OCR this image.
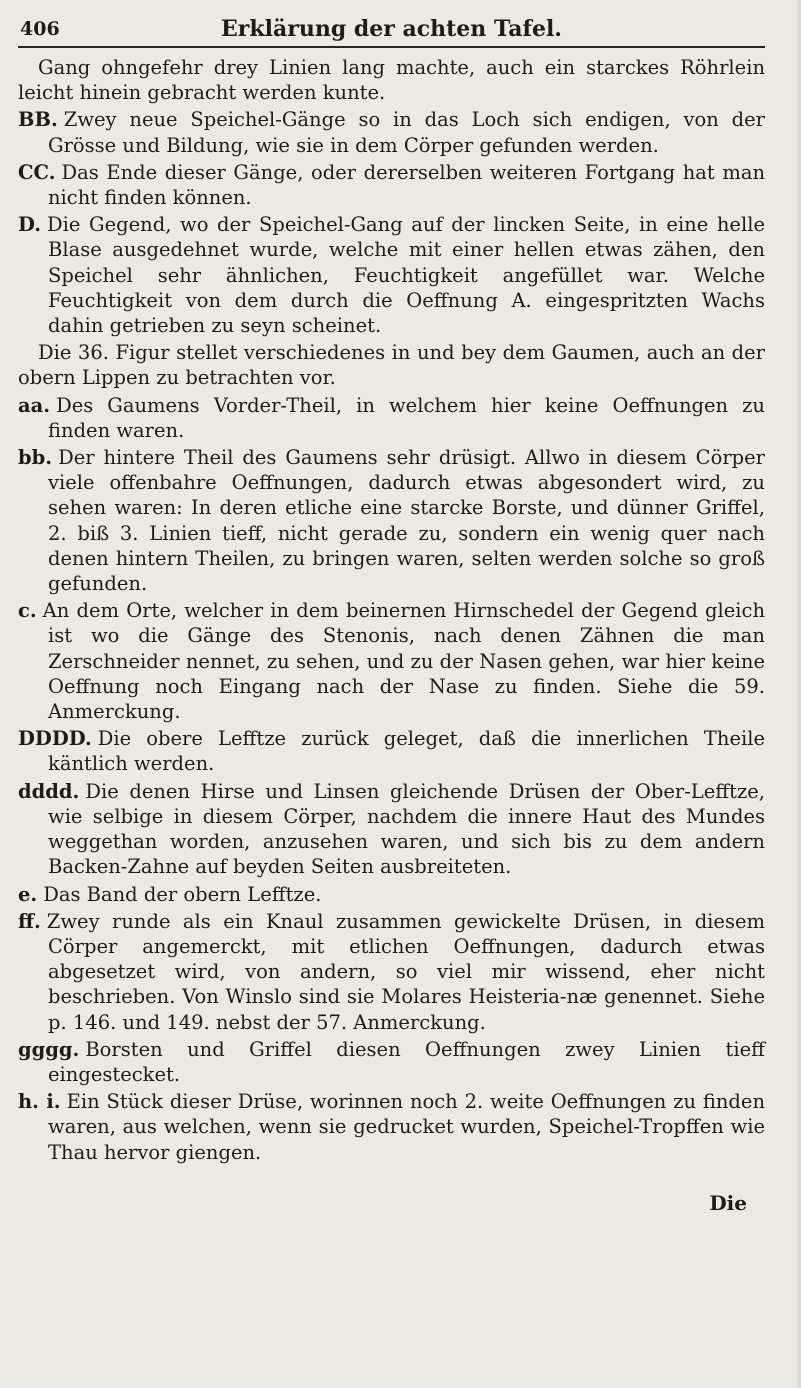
406	Erklärung der achten Tafel.

Gang ohngefehr drey Linien lang machte, auch ein starckes Röhrlein leicht hinein gebracht werden kunte.

BB. Zwey neue Speichel-Gänge so in das Loch sich endigen, von der Grösse und Bildung, wie sie in dem Cörper gefunden werden.

CC. Das Ende dieser Gänge, oder dererselben weiteren Fortgang hat man nicht finden können.

D. Die Gegend, wo der Speichel-Gang auf der lincken Seite, in eine helle Blase ausgedehnet wurde, welche mit einer hellen etwas zähen, den Speichel sehr ähnlichen, Feuchtigkeit angefüllet war. Welche Feuchtigkeit von dem durch die Oeffnung A. eingespritzten Wachs dahin getrieben zu seyn scheinet.

Die 36. Figur stellet verschiedenes in und bey dem Gaumen, auch an der obern Lippen zu betrachten vor.

aa. Des Gaumens Vorder-Theil, in welchem hier keine Oeffnungen zu finden waren.

bb. Der hintere Theil des Gaumens sehr drüsigt. Allwo in diesem Cörper viele offenbahre Oeffnungen, dadurch etwas abgesondert wird, zu sehen waren: In deren etliche eine starcke Borste, und dünner Griffel, 2. biß 3. Linien tieff, nicht gerade zu, sondern ein wenig quer nach denen hintern Theilen, zu bringen waren, selten werden solche so groß gefunden.

c. An dem Orte, welcher in dem beinernen Hirnschedel der Gegend gleich ist wo die Gänge des Stenonis, nach denen Zähnen die man Zerschneider nennet, zu sehen, und zu der Nasen gehen, war hier keine Oeffnung noch Eingang nach der Nase zu finden. Siehe die 59. Anmerckung.

DDDD. Die obere Lefftze zurück geleget, daß die innerlichen Theile käntlich werden.

dddd. Die denen Hirse und Linsen gleichende Drüsen der Ober-Lefftze, wie selbige in diesem Cörper, nachdem die innere Haut des Mundes weggethan worden, anzusehen waren, und sich bis zu dem andern Backen-Zahne auf beyden Seiten ausbreiteten.

e. Das Band der obern Lefftze.

ff. Zwey runde als ein Knaul zusammen gewickelte Drüsen, in diesem Cörper angemerckt, mit etlichen Oeffnungen, dadurch etwas abgesetzet wird, von andern, so viel mir wissend, eher nicht beschrieben. Von Winslo sind sie Molares Heisteria-næ genennet. Siehe p. 146. und 149. nebst der 57. Anmerckung.

gggg. Borsten und Griffel diesen Oeffnungen zwey Linien tieff eingestecket.

h. i. Ein Stück dieser Drüse, worinnen noch 2. weite Oeffnungen zu finden waren, aus welchen, wenn sie gedrucket wurden, Speichel-Tropffen wie Thau hervor giengen.

Die
